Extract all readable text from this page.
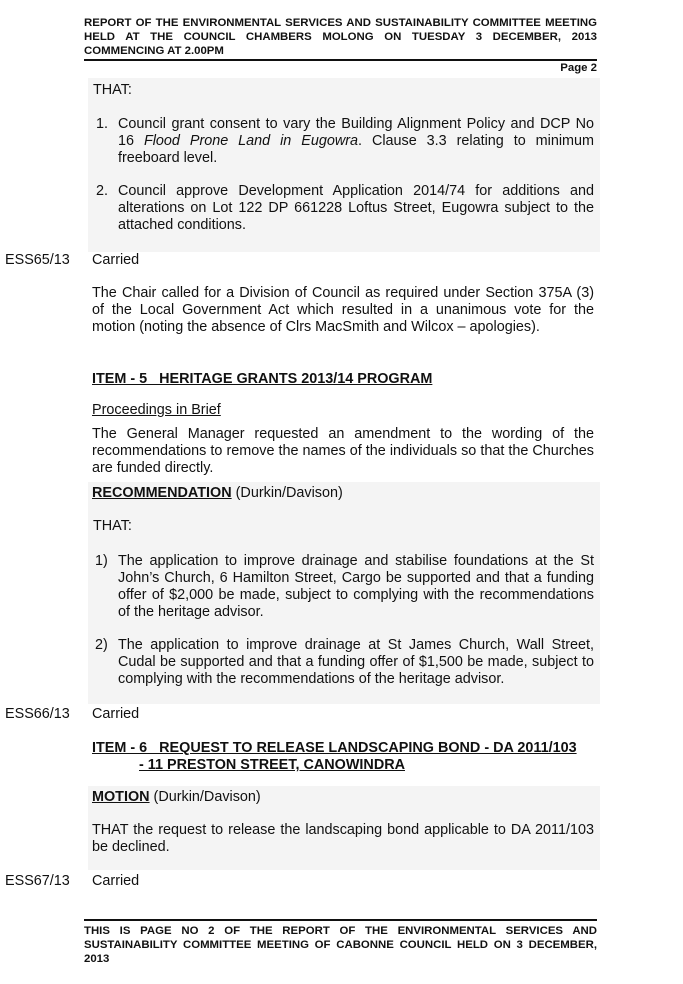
REPORT OF THE ENVIRONMENTAL SERVICES AND SUSTAINABILITY COMMITTEE MEETING HELD AT THE COUNCIL CHAMBERS MOLONG ON TUESDAY 3 DECEMBER, 2013 COMMENCING AT 2.00PM
Page 2
THAT:
1. Council grant consent to vary the Building Alignment Policy and DCP No 16 Flood Prone Land in Eugowra. Clause 3.3 relating to minimum freeboard level.
2. Council approve Development Application 2014/74 for additions and alterations on Lot 122 DP 661228 Loftus Street, Eugowra subject to the attached conditions.
ESS65/13 Carried
The Chair called for a Division of Council as required under Section 375A (3) of the Local Government Act which resulted in a unanimous vote for the motion (noting the absence of Clrs MacSmith and Wilcox – apologies).
ITEM - 5   HERITAGE GRANTS 2013/14 PROGRAM
Proceedings in Brief
The General Manager requested an amendment to the wording of the recommendations to remove the names of the individuals so that the Churches are funded directly.
RECOMMENDATION (Durkin/Davison)
THAT:
1) The application to improve drainage and stabilise foundations at the St John’s Church, 6 Hamilton Street, Cargo be supported and that a funding offer of $2,000 be made, subject to complying with the recommendations of the heritage advisor.
2) The application to improve drainage at St James Church, Wall Street, Cudal be supported and that a funding offer of $1,500 be made, subject to complying with the recommendations of the heritage advisor.
ESS66/13 Carried
ITEM - 6   REQUEST TO RELEASE LANDSCAPING BOND - DA 2011/103
- 11 PRESTON STREET, CANOWINDRA
MOTION (Durkin/Davison)
THAT the request to release the landscaping bond applicable to DA 2011/103 be declined.
ESS67/13 Carried
THIS IS PAGE NO 2 OF THE REPORT OF THE ENVIRONMENTAL SERVICES AND SUSTAINABILITY COMMITTEE MEETING OF CABONNE COUNCIL HELD ON 3 DECEMBER, 2013
